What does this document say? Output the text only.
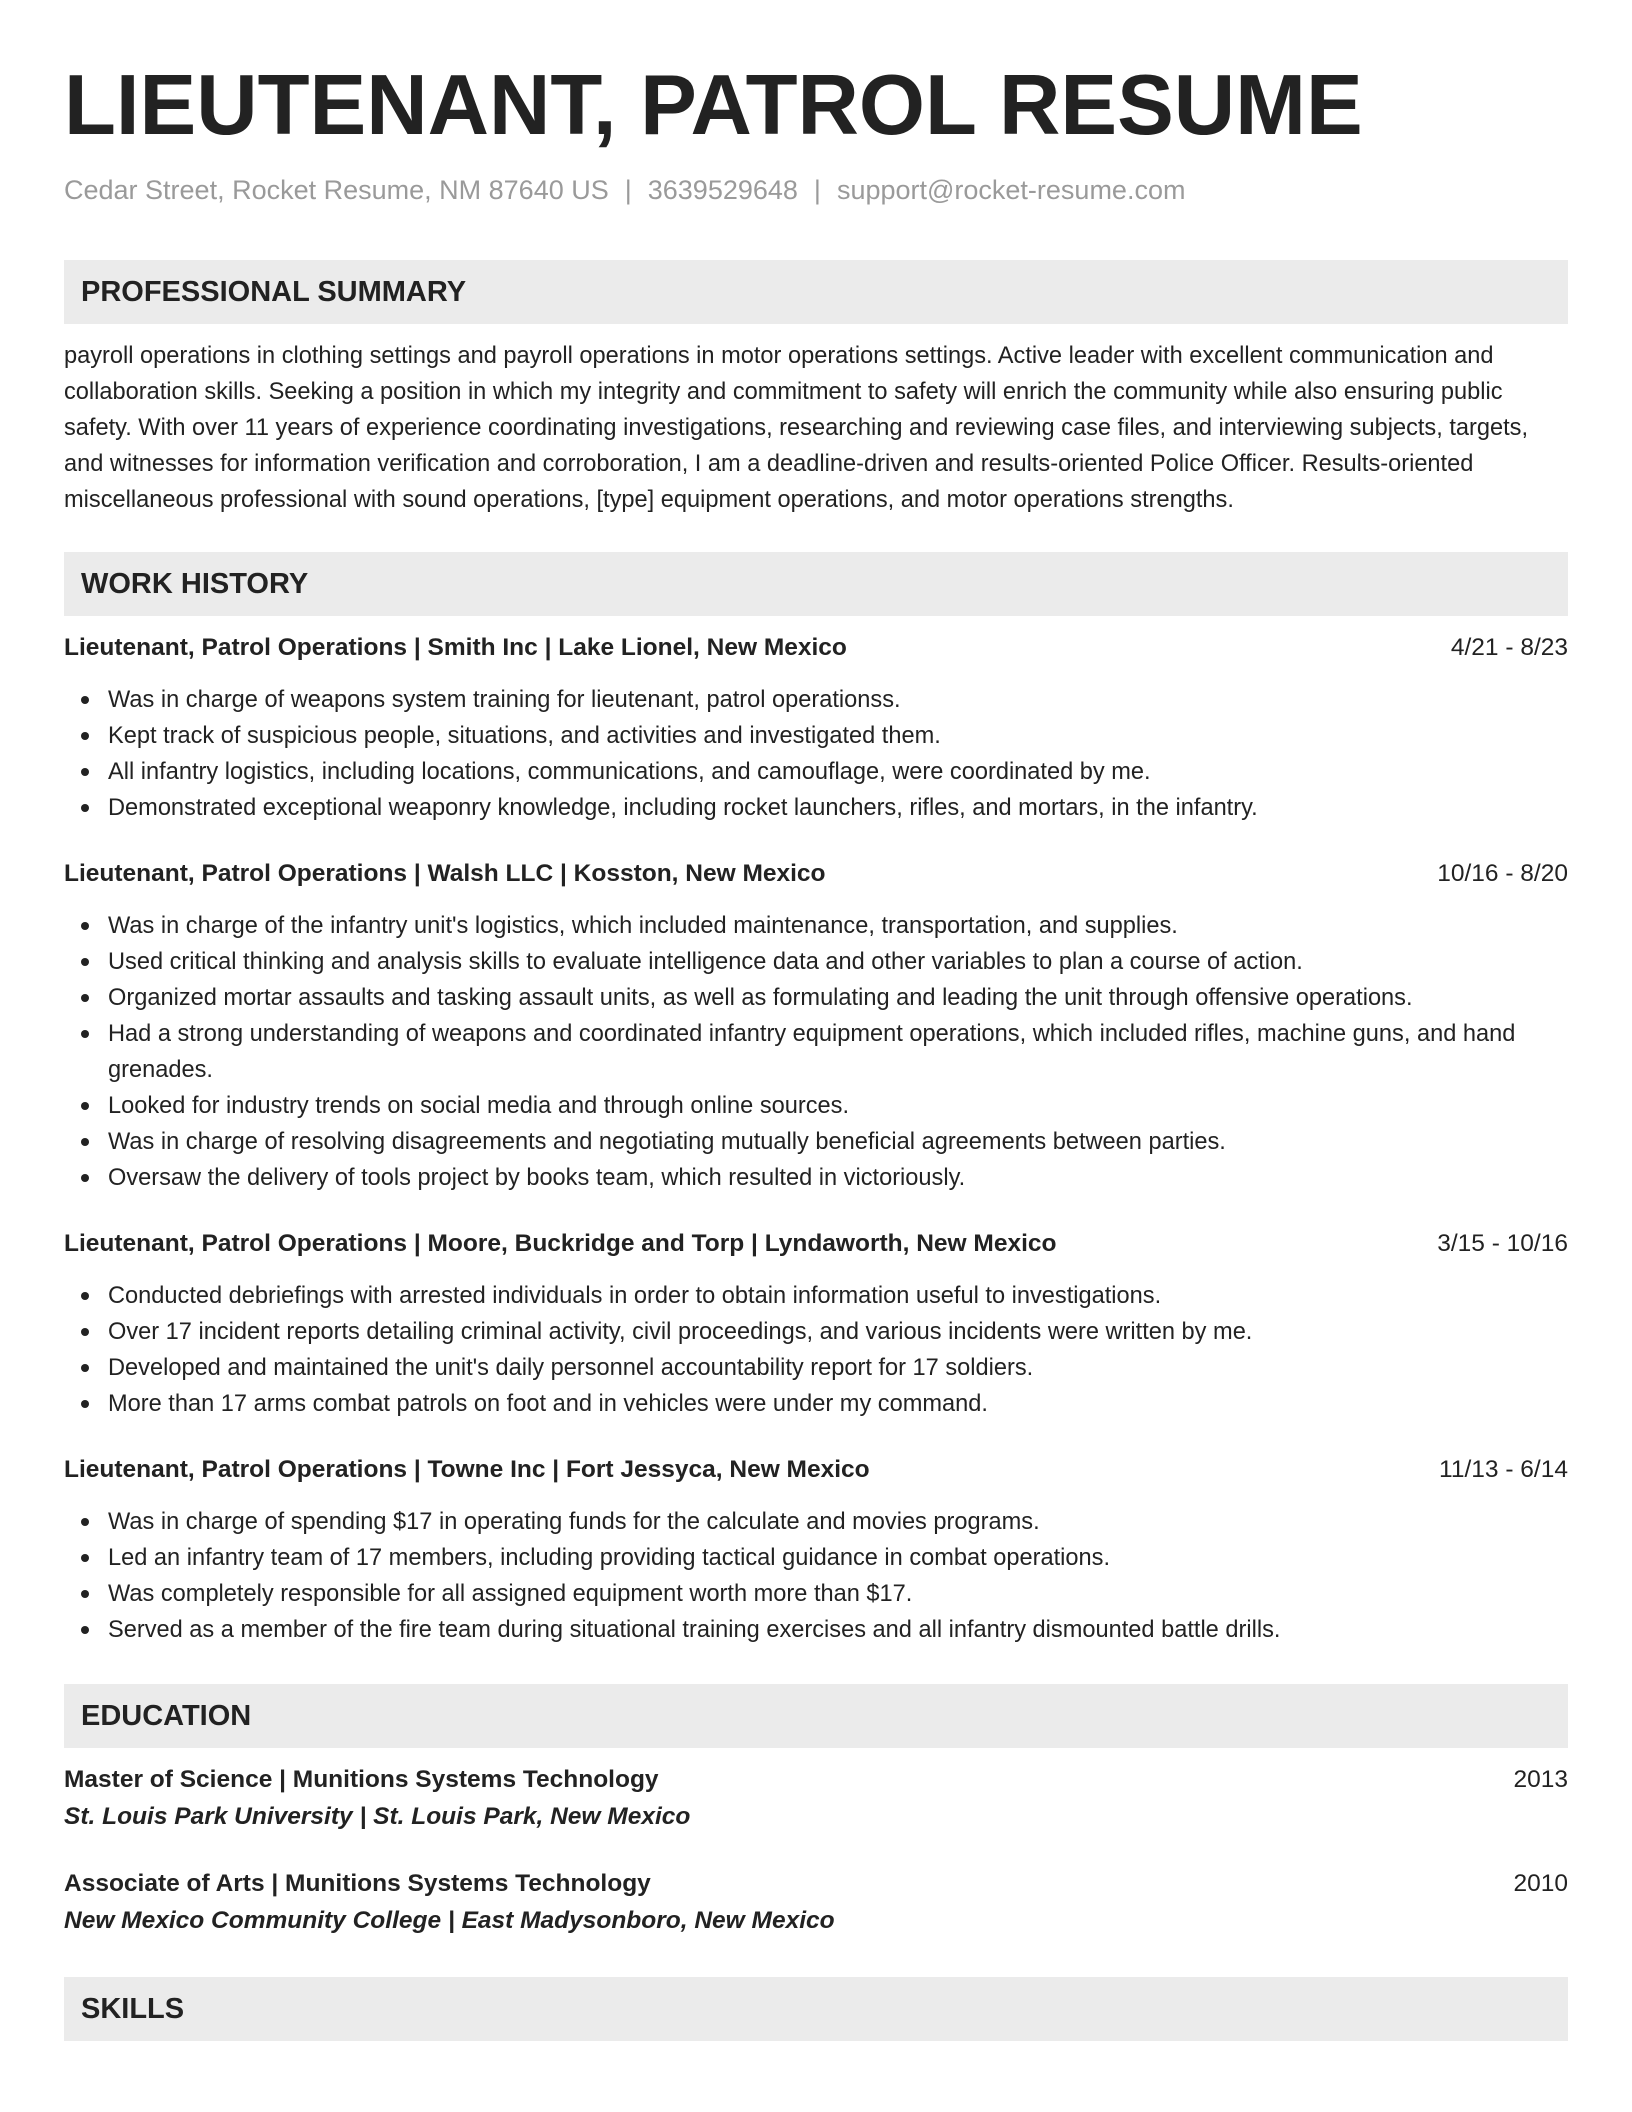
LIEUTENANT, PATROL RESUME
Cedar Street, Rocket Resume, NM 87640 US | 3639529648 | support@rocket-resume.com
PROFESSIONAL SUMMARY
payroll operations in clothing settings and payroll operations in motor operations settings. Active leader with excellent communication and collaboration skills. Seeking a position in which my integrity and commitment to safety will enrich the community while also ensuring public safety. With over 11 years of experience coordinating investigations, researching and reviewing case files, and interviewing subjects, targets, and witnesses for information verification and corroboration, I am a deadline-driven and results-oriented Police Officer. Results-oriented miscellaneous professional with sound operations, [type] equipment operations, and motor operations strengths.
WORK HISTORY
Lieutenant, Patrol Operations | Smith Inc | Lake Lionel, New Mexico	4/21 - 8/23
Was in charge of weapons system training for lieutenant, patrol operationss.
Kept track of suspicious people, situations, and activities and investigated them.
All infantry logistics, including locations, communications, and camouflage, were coordinated by me.
Demonstrated exceptional weaponry knowledge, including rocket launchers, rifles, and mortars, in the infantry.
Lieutenant, Patrol Operations | Walsh LLC | Kosston, New Mexico	10/16 - 8/20
Was in charge of the infantry unit's logistics, which included maintenance, transportation, and supplies.
Used critical thinking and analysis skills to evaluate intelligence data and other variables to plan a course of action.
Organized mortar assaults and tasking assault units, as well as formulating and leading the unit through offensive operations.
Had a strong understanding of weapons and coordinated infantry equipment operations, which included rifles, machine guns, and hand grenades.
Looked for industry trends on social media and through online sources.
Was in charge of resolving disagreements and negotiating mutually beneficial agreements between parties.
Oversaw the delivery of tools project by books team, which resulted in victoriously.
Lieutenant, Patrol Operations | Moore, Buckridge and Torp | Lyndaworth, New Mexico	3/15 - 10/16
Conducted debriefings with arrested individuals in order to obtain information useful to investigations.
Over 17 incident reports detailing criminal activity, civil proceedings, and various incidents were written by me.
Developed and maintained the unit's daily personnel accountability report for 17 soldiers.
More than 17 arms combat patrols on foot and in vehicles were under my command.
Lieutenant, Patrol Operations | Towne Inc | Fort Jessyca, New Mexico	11/13 - 6/14
Was in charge of spending $17 in operating funds for the calculate and movies programs.
Led an infantry team of 17 members, including providing tactical guidance in combat operations.
Was completely responsible for all assigned equipment worth more than $17.
Served as a member of the fire team during situational training exercises and all infantry dismounted battle drills.
EDUCATION
Master of Science | Munitions Systems Technology	2013
St. Louis Park University | St. Louis Park, New Mexico
Associate of Arts | Munitions Systems Technology	2010
New Mexico Community College | East Madysonboro, New Mexico
SKILLS
